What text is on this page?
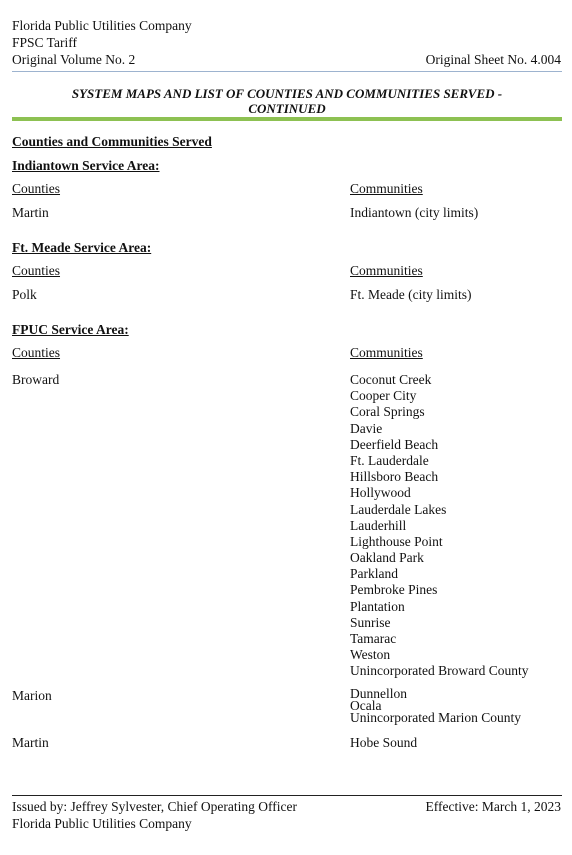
Florida Public Utilities Company
FPSC Tariff
Original Volume No. 2	Original Sheet No. 4.004
SYSTEM MAPS AND LIST OF COUNTIES AND COMMUNITIES SERVED -
CONTINUED
Counties and Communities Served
Indiantown Service Area:
Counties	Communities
Martin	Indiantown (city limits)
Ft. Meade Service Area:
Counties	Communities
Polk	Ft. Meade (city limits)
FPUC Service Area:
Counties	Communities
Broward	Coconut Creek
Cooper City
Coral Springs
Davie
Deerfield Beach
Ft. Lauderdale
Hillsboro Beach
Hollywood
Lauderdale Lakes
Lauderhill
Lighthouse Point
Oakland Park
Parkland
Pembroke Pines
Plantation
Sunrise
Tamarac
Weston
Unincorporated Broward County
Marion	Dunnellon
Ocala
Unincorporated Marion County
Martin	Hobe Sound
Issued by: Jeffrey Sylvester, Chief Operating Officer	Effective: March 1, 2023
Florida Public Utilities Company
